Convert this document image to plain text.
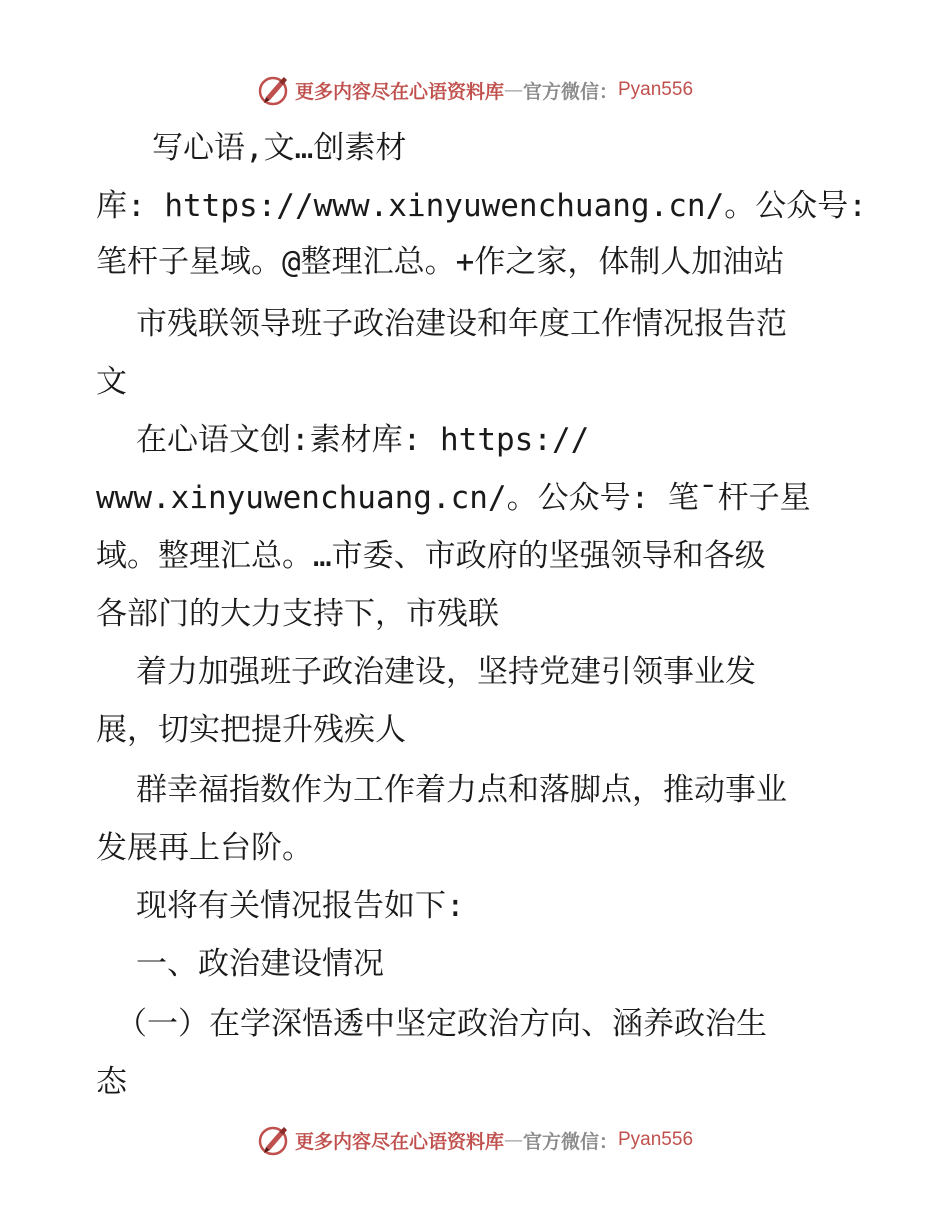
更多内容尽在心语资料库 — 官方微信： Pyan556
写心语,文…创素材
库: https://www.xinyuwenchuang.cn/。公众号:
笔杆子星域。@整理汇总。+作之家，体制人加油站
市残联领导班子政治建设和年度工作情况报告范
文
在心语文创:素材库: https://
www.xinyuwenchuang.cn/。公众号: 笔¯杆子星
域。整理汇总。…市委、市政府的坚强领导和各级
各部门的大力支持下，市残联
着力加强班子政治建设，坚持党建引领事业发
展，切实把提升残疾人
群幸福指数作为工作着力点和落脚点，推动事业
发展再上台阶。
现将有关情况报告如下:
一、政治建设情况
（一）在学深悟透中坚定政治方向、涵养政治生
态
更多内容尽在心语资料库 — 官方微信： Pyan556
